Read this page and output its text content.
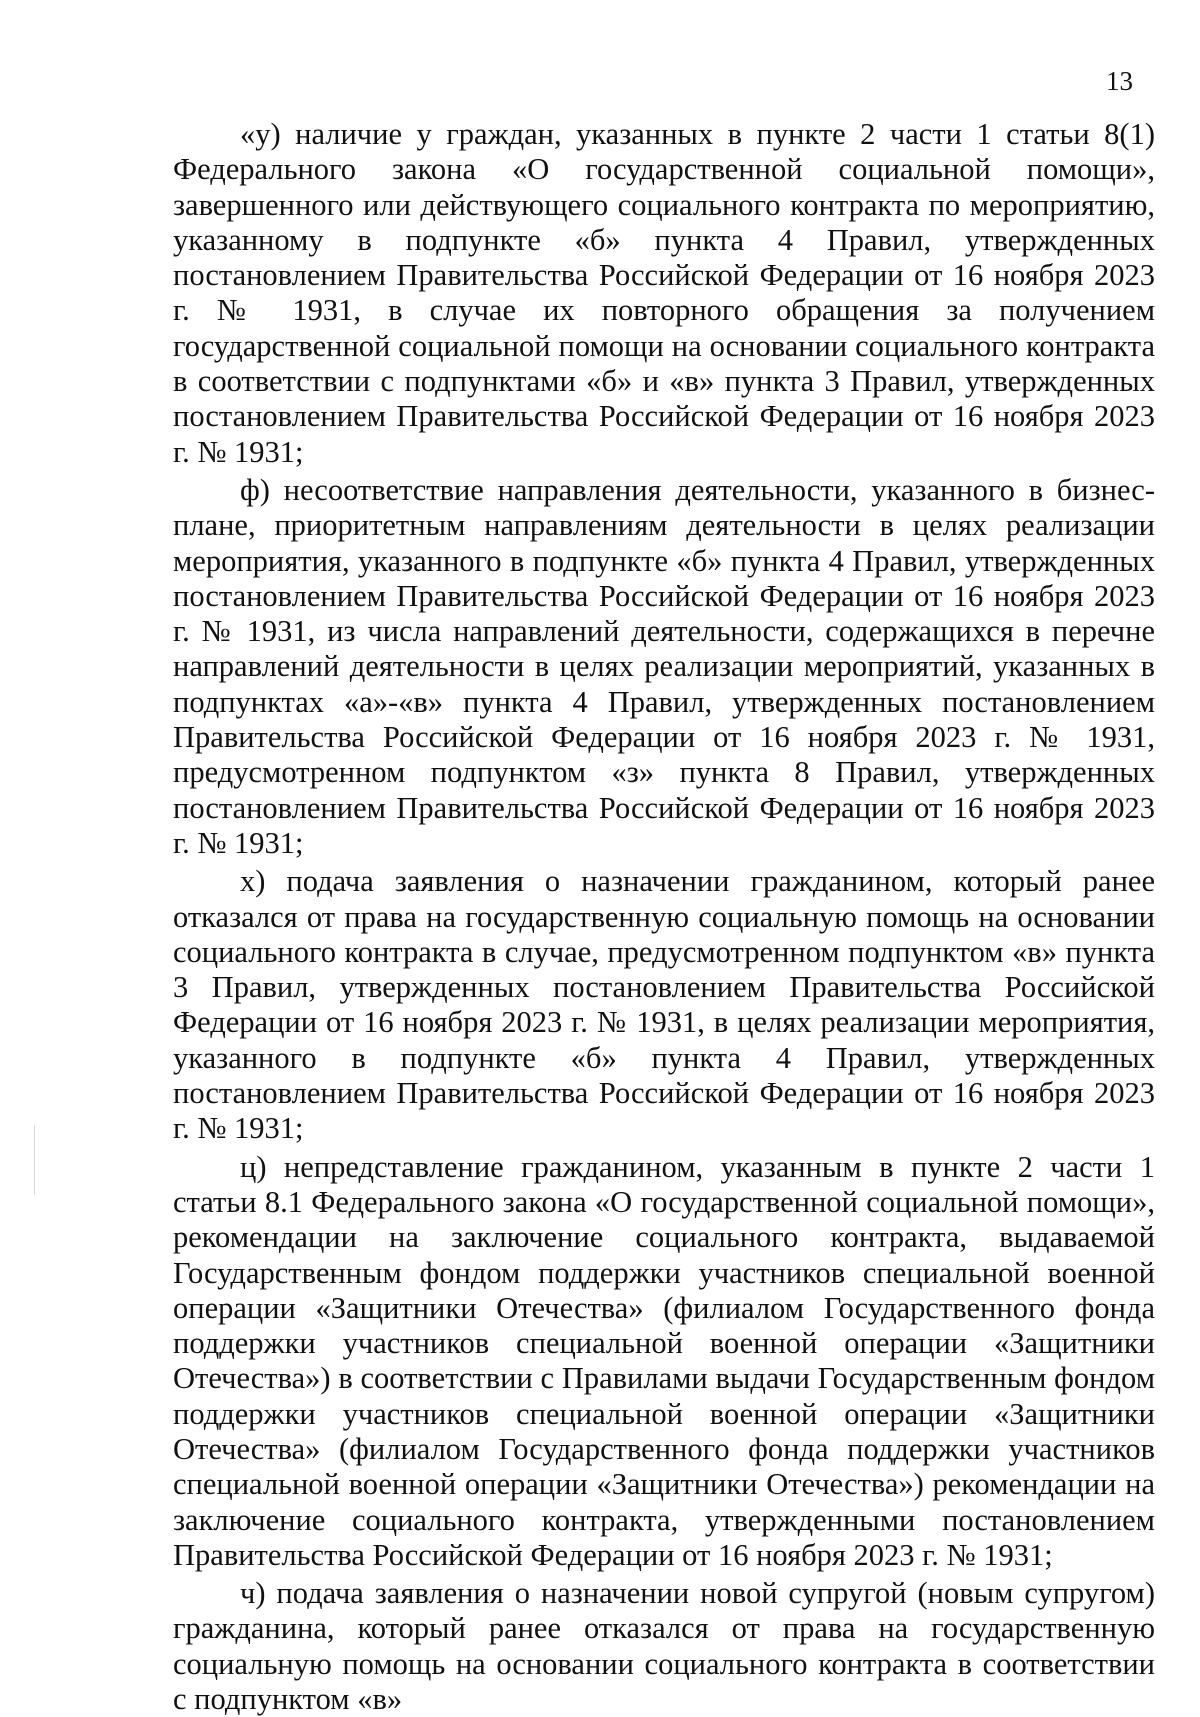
13

«у) наличие у граждан, указанных в пункте 2 части 1 статьи 8(1) Федерального закона «О государственной социальной помощи», завершенного или действующего социального контракта по мероприятию, указанному в подпункте «б» пункта 4 Правил, утвержденных постановлением Правительства Российской Федерации от 16 ноября 2023 г. № 1931, в случае их повторного обращения за получением государственной социальной помощи на основании социального контракта в соответствии с подпунктами «б» и «в» пункта 3 Правил, утвержденных постановлением Правительства Российской Федерации от 16 ноября 2023 г. № 1931;

ф) несоответствие направления деятельности, указанного в бизнес-плане, приоритетным направлениям деятельности в целях реализации мероприятия, указанного в подпункте «б» пункта 4 Правил, утвержденных постановлением Правительства Российской Федерации от 16 ноября 2023 г. № 1931, из числа направлений деятельности, содержащихся в перечне направлений деятельности в целях реализации мероприятий, указанных в подпунктах «а»-«в» пункта 4 Правил, утвержденных постановлением Правительства Российской Федерации от 16 ноября 2023 г. № 1931, предусмотренном подпунктом «з» пункта 8 Правил, утвержденных постановлением Правительства Российской Федерации от 16 ноября 2023 г. № 1931;

х) подача заявления о назначении гражданином, который ранее отказался от права на государственную социальную помощь на основании социального контракта в случае, предусмотренном подпунктом «в» пункта 3 Правил, утвержденных постановлением Правительства Российской Федерации от 16 ноября 2023 г. № 1931, в целях реализации мероприятия, указанного в подпункте «б» пункта 4 Правил, утвержденных постановлением Правительства Российской Федерации от 16 ноября 2023 г. № 1931;

ц) непредставление гражданином, указанным в пункте 2 части 1 статьи 8.1 Федерального закона «О государственной социальной помощи», рекомендации на заключение социального контракта, выдаваемой Государственным фондом поддержки участников специальной военной операции «Защитники Отечества» (филиалом Государственного фонда поддержки участников специальной военной операции «Защитники Отечества») в соответствии с Правилами выдачи Государственным фондом поддержки участников специальной военной операции «Защитники Отечества» (филиалом Государственного фонда поддержки участников специальной военной операции «Защитники Отечества») рекомендации на заключение социального контракта, утвержденными постановлением Правительства Российской Федерации от 16 ноября 2023 г. № 1931;

ч) подача заявления о назначении новой супругой (новым супругом) гражданина, который ранее отказался от права на государственную социальную помощь на основании социального контракта в соответствии с подпунктом «в»
